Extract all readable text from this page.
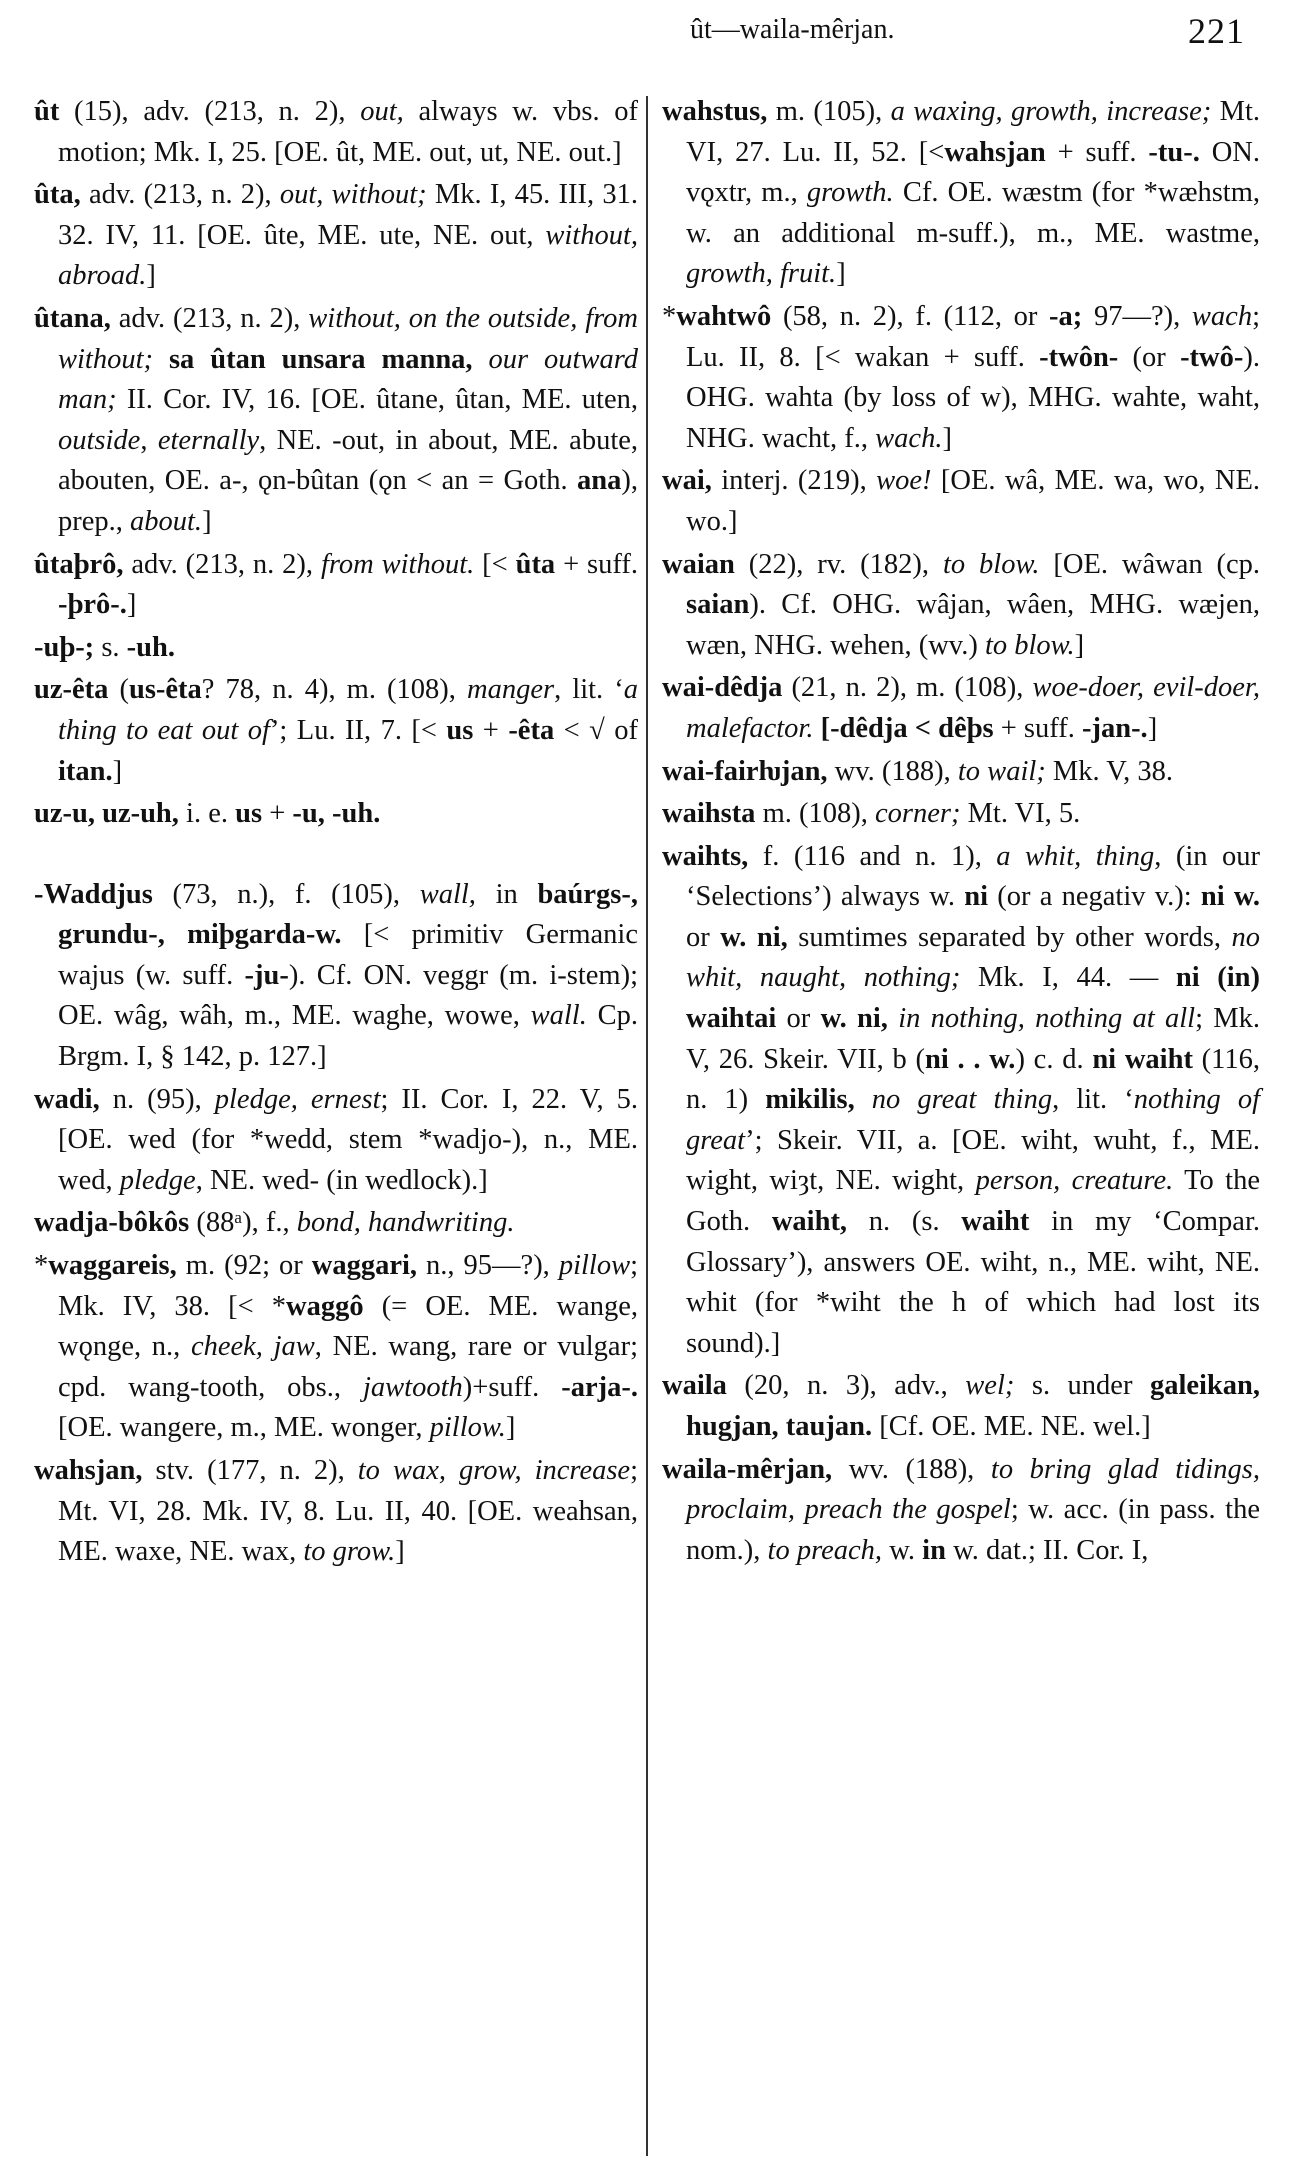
ût—waila-mêrjan.	221
ût (15), adv. (213, n. 2), out, always w. vbs. of motion; Mk. I, 25. [OE. ût, ME. out, ut, NE. out.]
ûta, adv. (213, n. 2), out, without; Mk. I, 45. III, 31. 32. IV, 11. [OE. ûte, ME. ute, NE. out, without, abroad.]
ûtana, adv. (213, n. 2), without, on the outside, from without; sa ûtan unsara manna, our outward man; II. Cor. IV, 16. [OE. ûtane, ûtan, ME. uten, outside, eternally, NE. -out, in about, ME. abute, abouten, OE. a-, ǫn-bûtan (ǫn < an = Goth. ana), prep., about.]
ûtaþrô, adv. (213, n. 2), from without. [< ûta + suff. -þrô-.]
-uþ-; s. -uh.
uz-êta (us-êta? 78, n. 4), m. (108), manger, lit. ‘a thing to eat out of’; Lu. II, 7. [< us + -êta < √ of itan.]
uz-u, uz-uh, i. e. us + -u, -uh.
-Waddjus (73, n.), f. (105), wall, in baúrgs-, grundu-, miþgarda-w. [< primitiv Germanic wajus (w. suff. -ju-). Cf. ON. veggr (m. i-stem); OE. wâg, wâh, m., ME. waghe, wowe, wall. Cp. Brgm. I, § 142, p. 127.]
wadi, n. (95), pledge, ernest; II. Cor. I, 22. V, 5. [OE. wed (for *wedd, stem *wadjo-), n., ME. wed, pledge, NE. wed- (in wedlock).]
wadja-bôkôs (88ᵃ), f., bond, handwriting.
*waggareis, m. (92; or waggari, n., 95—?), pillow; Mk. IV, 38. [< *waggô (= OE. ME. wange, wǫnge, n., cheek, jaw, NE. wang, rare or vulgar; cpd. wang-tooth, obs., jawtooth)+suff. -arja-. [OE. wangere, m., ME. wonger, pillow.]
wahsjan, stv. (177, n. 2), to wax, grow, increase; Mt. VI, 28. Mk. IV, 8. Lu. II, 40. [OE. weahsan, ME. waxe, NE. wax, to grow.]
wahstus, m. (105), a waxing, growth, increase; Mt. VI, 27. Lu. II, 52. [<wahsjan + suff. -tu-. ON. vǫxtr, m., growth. Cf. OE. wæstm (for *wæhstm, w. an additional m-suff.), m., ME. wastme, growth, fruit.]
*wahtwô (58, n. 2), f. (112, or -a; 97—?), wach; Lu. II, 8. [< wakan + suff. -twôn- (or -twô-). OHG. wahta (by loss of w), MHG. wahte, waht, NHG. wacht, f., wach.]
wai, interj. (219), woe! [OE. wâ, ME. wa, wo, NE. wo.]
waian (22), rv. (182), to blow. [OE. wâwan (cp. saian). Cf. OHG. wâjan, wâen, MHG. wæjen, wæn, NHG. wehen, (wv.) to blow.]
wai-dêdja (21, n. 2), m. (108), woe-doer, evil-doer, malefactor. [-dêdja < dêþs + suff. -jan-.]
wai-fairƕjan, wv. (188), to wail; Mk. V, 38.
waihsta m. (108), corner; Mt. VI, 5.
waihts, f. (116 and n. 1), a whit, thing, (in our ‘Selections’) always w. ni (or a negativ v.): ni w. or w. ni, sumtimes separated by other words, no whit, naught, nothing; Mk. I, 44. — ni (in) waihtai or w. ni, in nothing, nothing at all; Mk. V, 26. Skeir. VII, b (ni . . w.) c. d. ni waiht (116, n. 1) mikilis, no great thing, lit. ‘nothing of great’; Skeir. VII, a. [OE. wiht, wuht, f., ME. wight, wiȝt, NE. wight, person, creature. To the Goth. waiht, n. (s. waiht in my ‘Compar. Glossary’), answers OE. wiht, n., ME. wiht, NE. whit (for *wiht the h of which had lost its sound).]
waila (20, n. 3), adv., wel; s. under galeikan, hugjan, taujan. [Cf. OE. ME. NE. wel.]
waila-mêrjan, wv. (188), to bring glad tidings, proclaim, preach the gospel; w. acc. (in pass. the nom.), to preach, w. in w. dat.; II. Cor. I,
